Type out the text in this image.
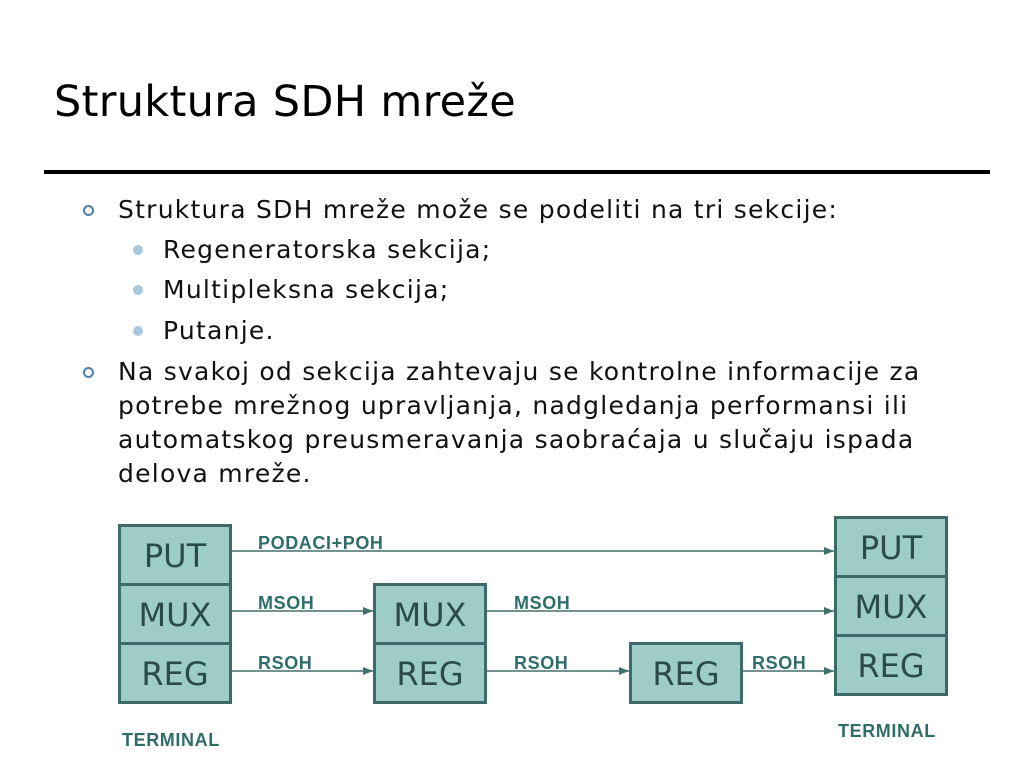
Struktura SDH mreže
Struktura SDH mreže može se podeliti na tri sekcije:
Regeneratorska sekcija;
Multipleksna sekcija;
Putanje.
Na svakoj od sekcija zahtevaju se kontrolne informacije za potrebe mrežnog upravljanja, nadgledanja performansi ili automatskog preusmeravanja saobraćaja u slučaju ispada delova mreže.
PUT
MUX
REG
TERMINAL
MUX
REG	REG
PUT
MUX
REG
TERMINAL
PODACI+POH
MSOH	MSOH
RSOH	RSOH	RSOH
